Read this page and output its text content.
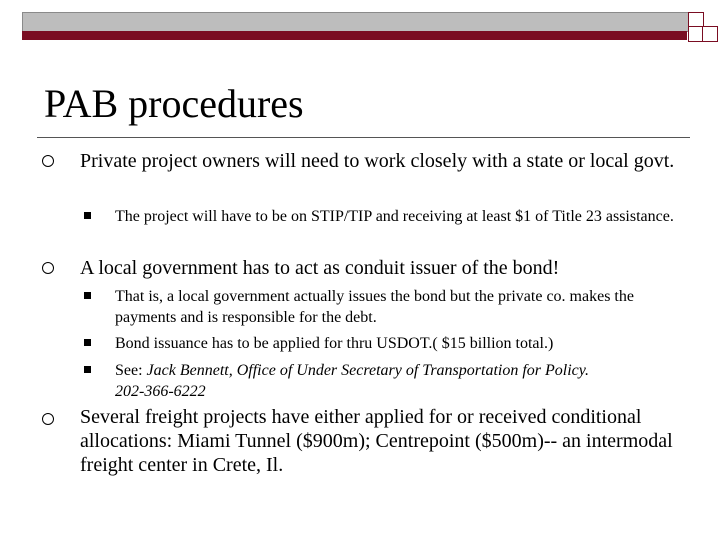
PAB procedures
Private project owners will need to work closely with a state or local govt.
The project will have to be on STIP/TIP and receiving at least $1 of Title 23 assistance.
A local government has to act as conduit issuer of the bond!
That is, a local government actually issues the bond but the private co. makes the payments and is responsible for the debt.
Bond issuance has to be applied for thru USDOT.( $15 billion total.)
See: Jack Bennett, Office of Under Secretary of Transportation for Policy.
202-366-6222
Several freight projects have either applied for or received conditional allocations: Miami Tunnel ($900m); Centrepoint ($500m)-- an intermodal freight center in Crete, Il.
